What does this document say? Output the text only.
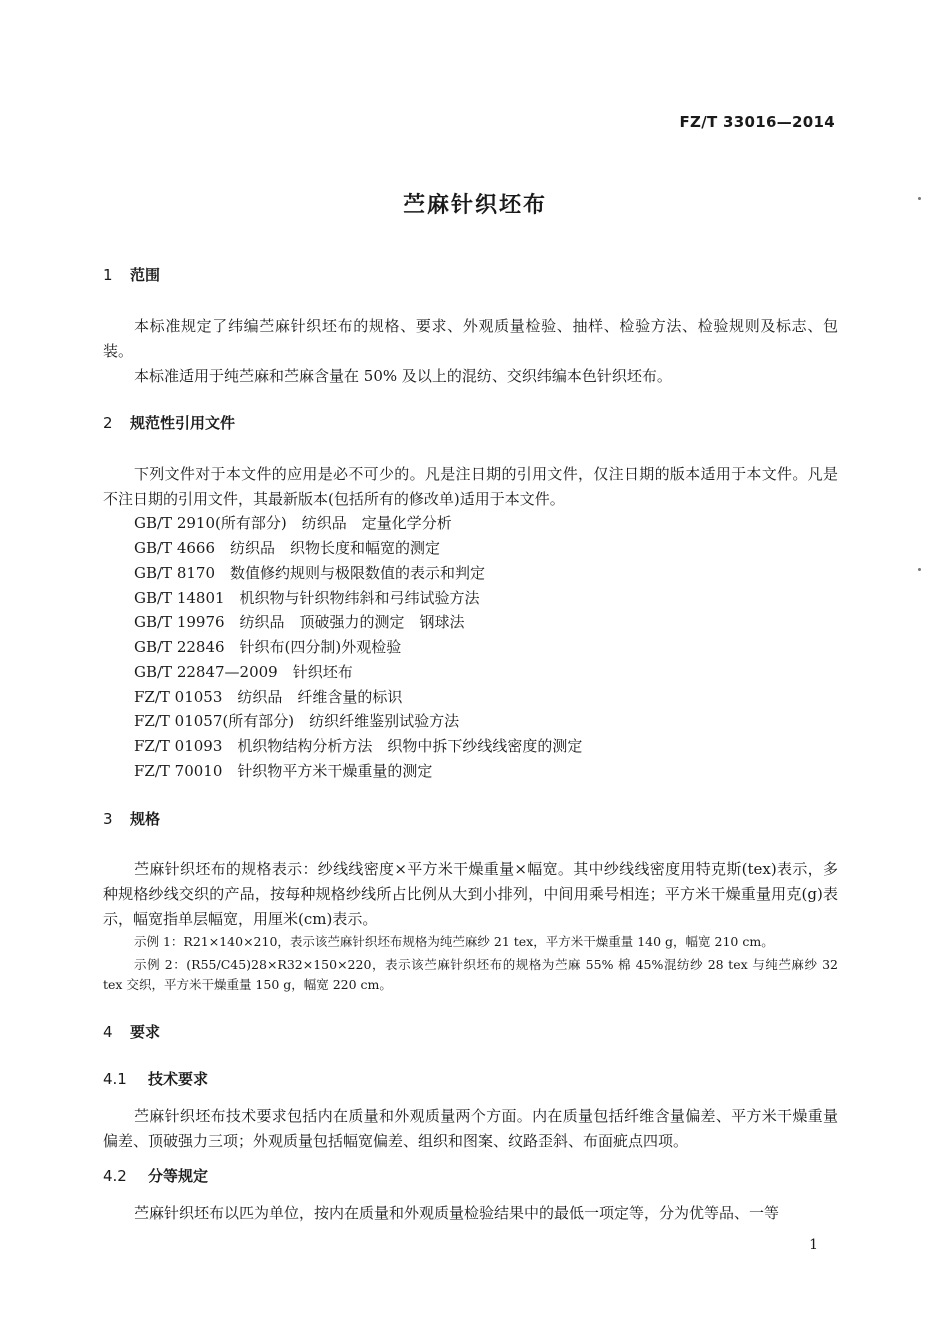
FZ/T 33016—2014
苎麻针织坯布
1 范围
本标准规定了纬编苎麻针织坯布的规格、要求、外观质量检验、抽样、检验方法、检验规则及标志、包装。
本标准适用于纯苎麻和苎麻含量在 50% 及以上的混纺、交织纬编本色针织坯布。
2 规范性引用文件
下列文件对于本文件的应用是必不可少的。凡是注日期的引用文件，仅注日期的版本适用于本文件。凡是不注日期的引用文件，其最新版本(包括所有的修改单)适用于本文件。
GB/T 2910(所有部分)　纺织品　定量化学分析
GB/T 4666　纺织品　织物长度和幅宽的测定
GB/T 8170　数值修约规则与极限数值的表示和判定
GB/T 14801　机织物与针织物纬斜和弓纬试验方法
GB/T 19976　纺织品　顶破强力的测定　钢球法
GB/T 22846　针织布(四分制)外观检验
GB/T 22847—2009　针织坯布
FZ/T 01053　纺织品　纤维含量的标识
FZ/T 01057(所有部分)　纺织纤维鉴别试验方法
FZ/T 01093　机织物结构分析方法　织物中拆下纱线线密度的测定
FZ/T 70010　针织物平方米干燥重量的测定
3 规格
苎麻针织坯布的规格表示：纱线线密度×平方米干燥重量×幅宽。其中纱线线密度用特克斯(tex)表示，多种规格纱线交织的产品，按每种规格纱线所占比例从大到小排列，中间用乘号相连；平方米干燥重量用克(g)表示，幅宽指单层幅宽，用厘米(cm)表示。
示例 1：R21×140×210，表示该苎麻针织坯布规格为纯苎麻纱 21 tex，平方米干燥重量 140 g，幅宽 210 cm。
示例 2：(R55/C45)28×R32×150×220，表示该苎麻针织坯布的规格为苎麻 55% 棉 45%混纺纱 28 tex 与纯苎麻纱 32 tex 交织，平方米干燥重量 150 g，幅宽 220 cm。
4 要求
4.1 技术要求
苎麻针织坯布技术要求包括内在质量和外观质量两个方面。内在质量包括纤维含量偏差、平方米干燥重量偏差、顶破强力三项；外观质量包括幅宽偏差、组织和图案、纹路歪斜、布面疵点四项。
4.2 分等规定
苎麻针织坯布以匹为单位，按内在质量和外观质量检验结果中的最低一项定等，分为优等品、一等
1
